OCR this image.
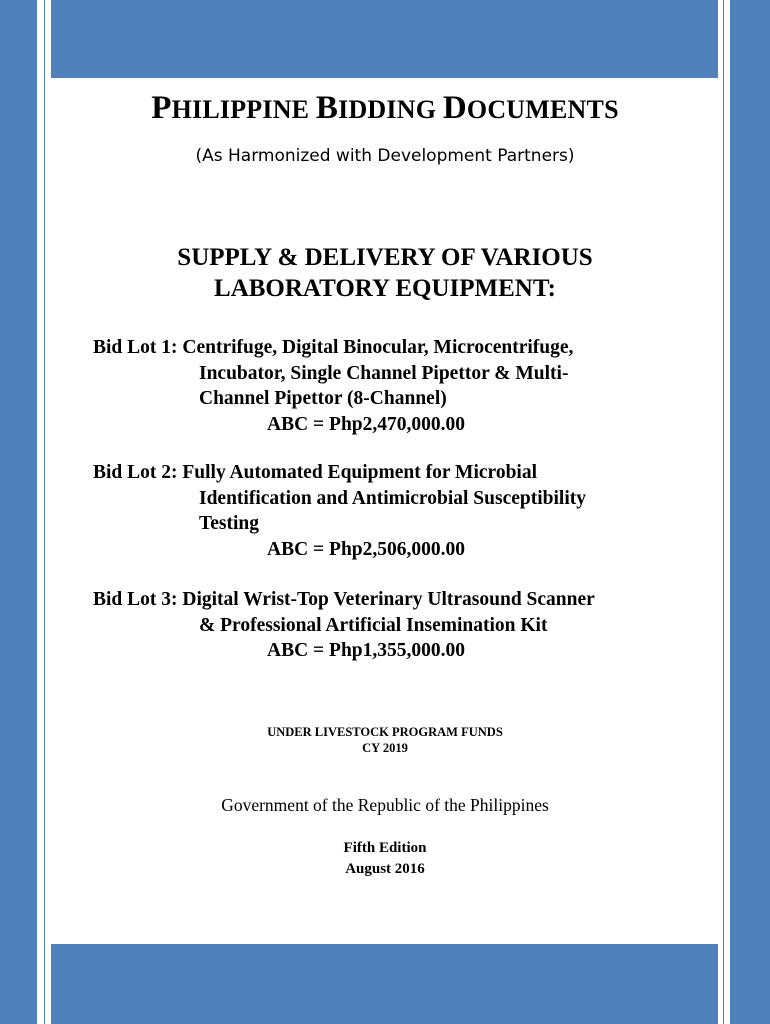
PHILIPPINE BIDDING DOCUMENTS
(As Harmonized with Development Partners)
SUPPLY & DELIVERY OF VARIOUS
LABORATORY EQUIPMENT:
Bid Lot 1: Centrifuge, Digital Binocular, Microcentrifuge,
Incubator, Single Channel Pipettor & Multi-
Channel Pipettor (8-Channel)
ABC = Php2,470,000.00
Bid Lot 2: Fully Automated Equipment for Microbial
Identification and Antimicrobial Susceptibility
Testing
ABC = Php2,506,000.00
Bid Lot 3: Digital Wrist-Top Veterinary Ultrasound Scanner
& Professional Artificial Insemination Kit
ABC = Php1,355,000.00
UNDER LIVESTOCK PROGRAM FUNDS
CY 2019
Government of the Republic of the Philippines
Fifth Edition
August 2016
